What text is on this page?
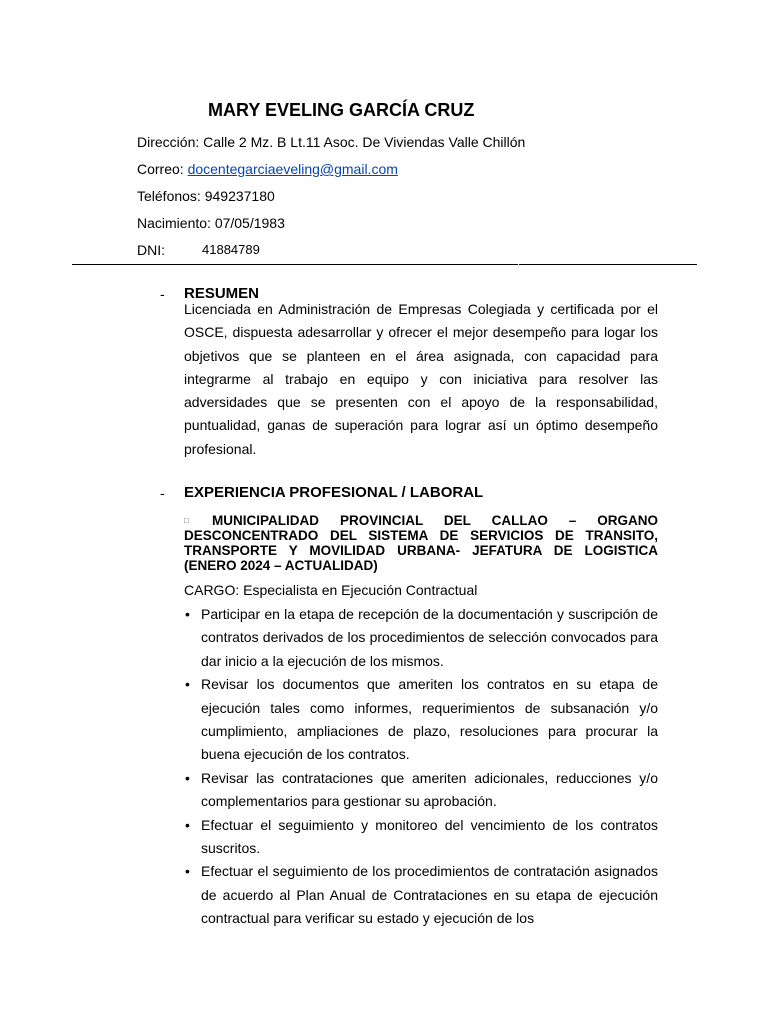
MARY EVELING GARCÍA CRUZ
Dirección: Calle 2 Mz. B Lt.11 Asoc. De Viviendas Valle Chillón
Correo: docentegarciaeveling@gmail.com
Teléfonos: 949237180
Nacimiento: 07/05/1983
DNI:	41884789
- RESUMEN

Licenciada en Administración de Empresas Colegiada y certificada por el OSCE, dispuesta adesarrollar y ofrecer el mejor desempeño para logar los objetivos que se planteen en el área asignada, con capacidad para integrarme al trabajo en equipo y con iniciativa para resolver las adversidades que se presenten con el apoyo de la responsabilidad, puntualidad, ganas de superación para lograr así un óptimo desempeño profesional.

- EXPERIENCIA PROFESIONAL / LABORAL

□ MUNICIPALIDAD PROVINCIAL DEL CALLAO – ORGANO DESCONCENTRADO DEL SISTEMA DE SERVICIOS DE TRANSITO, TRANSPORTE Y MOVILIDAD URBANA- JEFATURA DE LOGISTICA (ENERO 2024 – ACTUALIDAD)

CARGO: Especialista en Ejecución Contractual
• Participar en la etapa de recepción de la documentación y suscripción de contratos derivados de los procedimientos de selección convocados para dar inicio a la ejecución de los mismos.
• Revisar los documentos que ameriten los contratos en su etapa de ejecución tales como informes, requerimientos de subsanación y/o cumplimiento, ampliaciones de plazo, resoluciones para procurar la buena ejecución de los contratos.
• Revisar las contrataciones que ameriten adicionales, reducciones y/o complementarios para gestionar su aprobación.
• Efectuar el seguimiento y monitoreo del vencimiento de los contratos suscritos.
• Efectuar el seguimiento de los procedimientos de contratación asignados de acuerdo al Plan Anual de Contrataciones en su etapa de ejecución contractual para verificar su estado y ejecución de los
